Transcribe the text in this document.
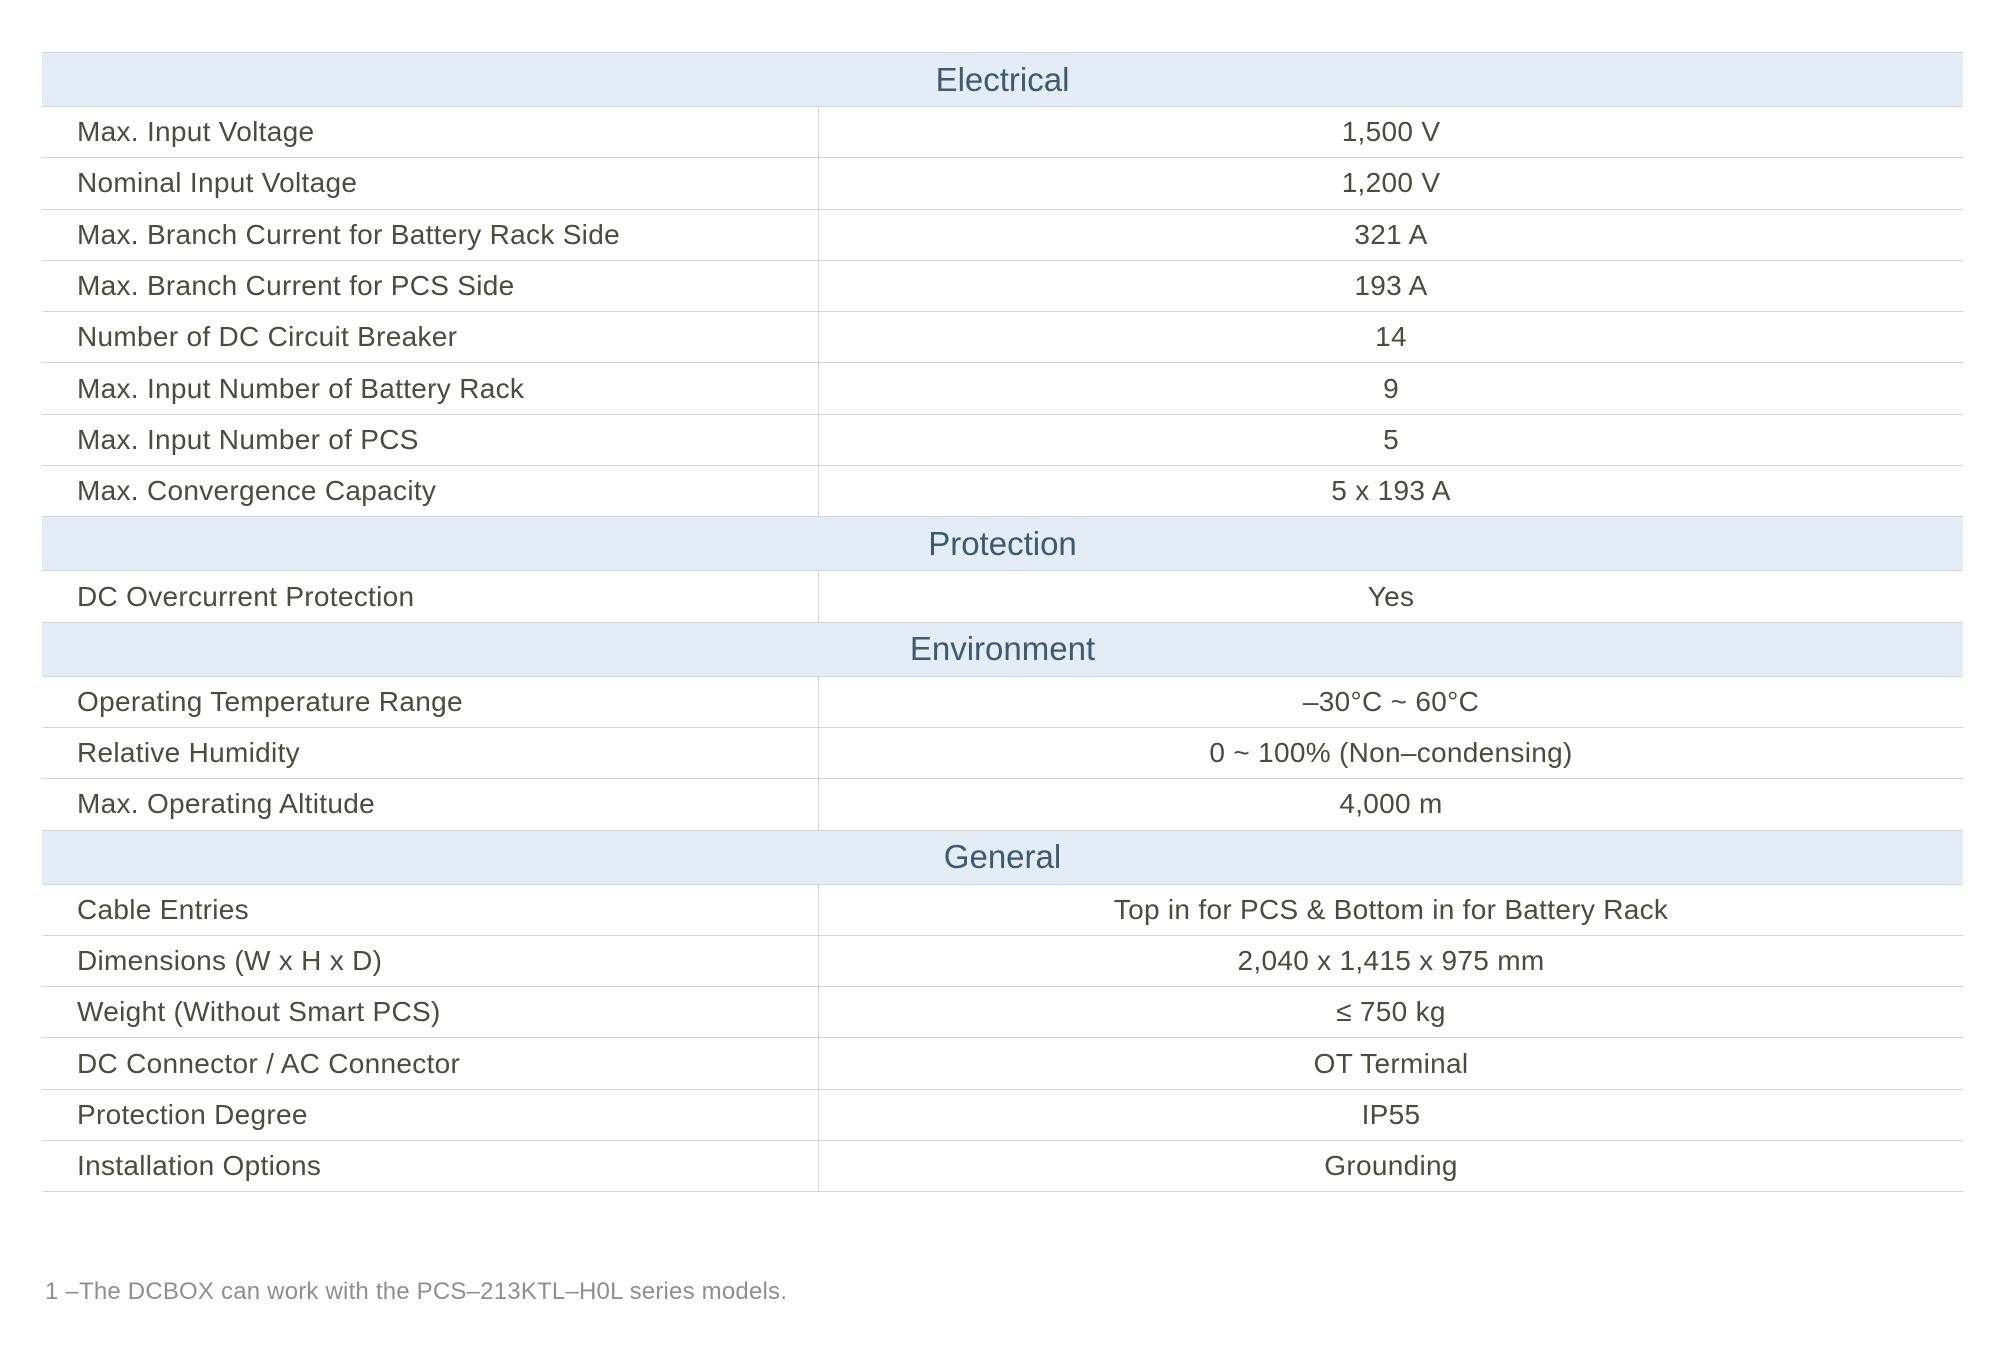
Electrical
Max. Input Voltage	1,500 V
Nominal Input Voltage	1,200 V
Max. Branch Current for Battery Rack Side	321 A
Max. Branch Current for PCS Side	193 A
Number of DC Circuit Breaker	14
Max. Input Number of Battery Rack	9
Max. Input Number of PCS	5
Max. Convergence Capacity	5 x 193 A
Protection
DC Overcurrent Protection	Yes
Environment
Operating Temperature Range	–30°C ~ 60°C
Relative Humidity	0 ~ 100% (Non–condensing)
Max. Operating Altitude	4,000 m
General
Cable Entries	Top in for PCS & Bottom in for Battery Rack
Dimensions (W x H x D)	2,040 x 1,415 x 975 mm
Weight (Without Smart PCS)	≤ 750 kg
DC Connector / AC Connector	OT Terminal
Protection Degree	IP55
Installation Options	Grounding
1 –The DCBOX can work with the PCS–213KTL–H0L series models.
